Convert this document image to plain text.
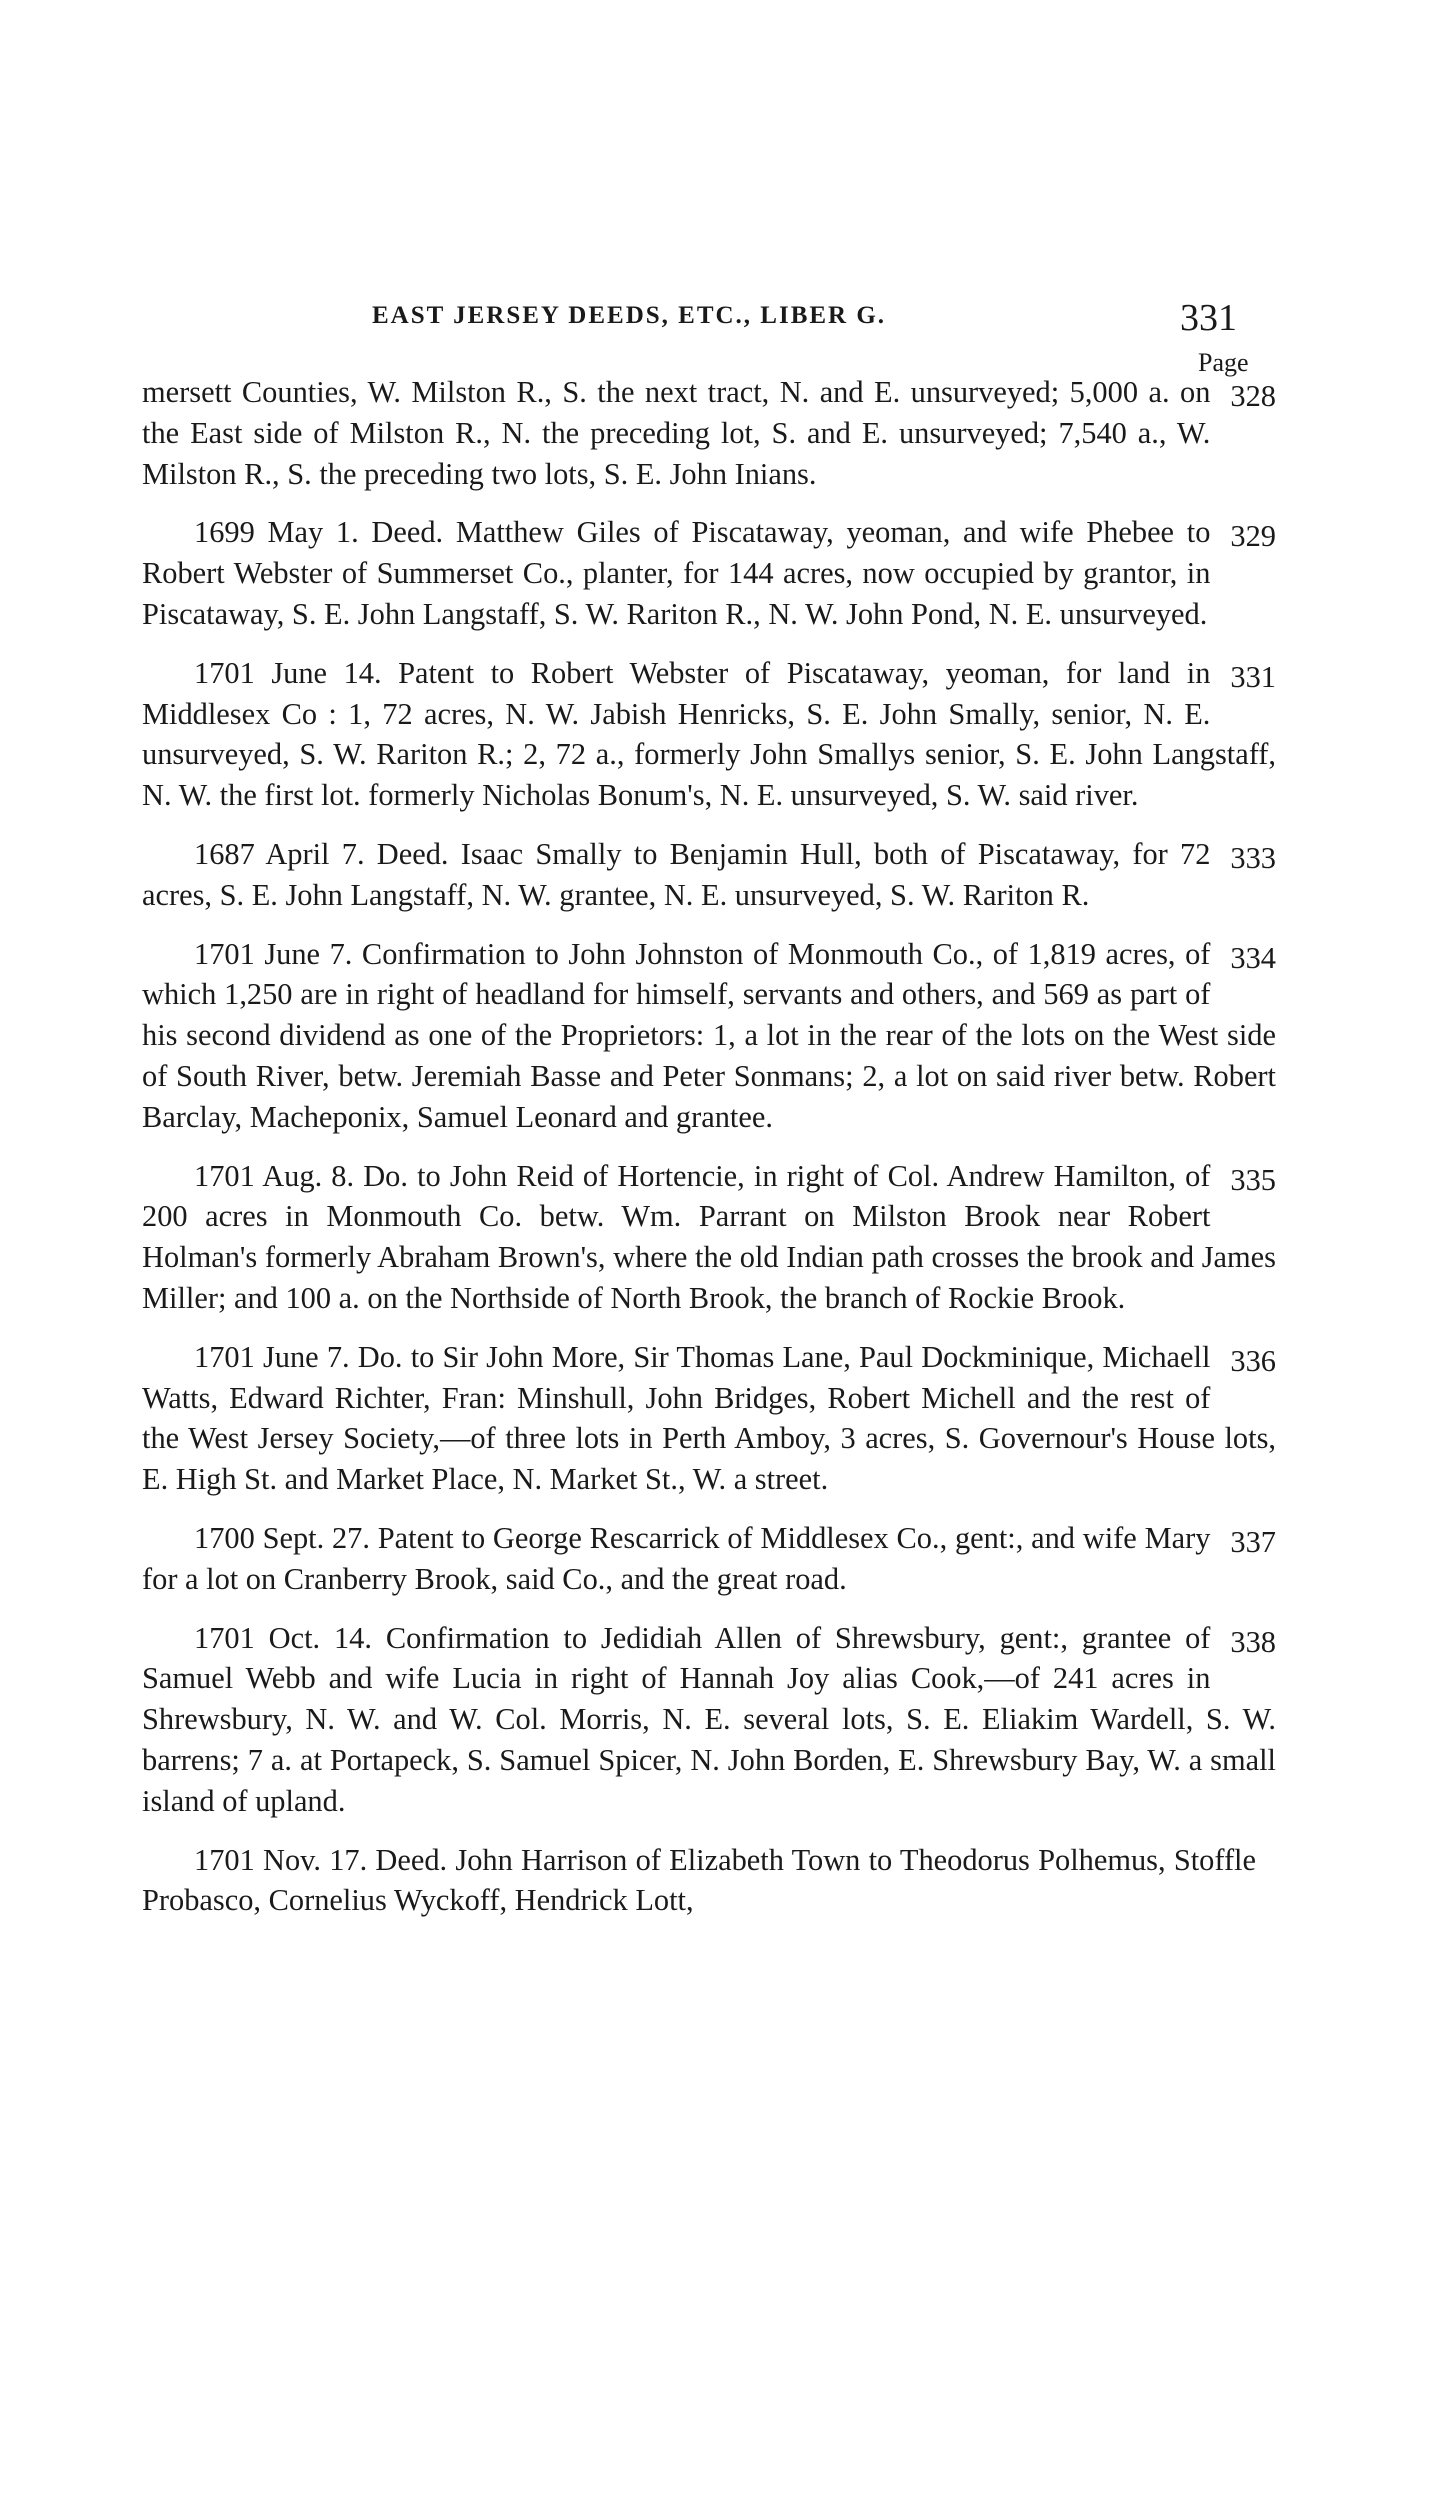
EAST JERSEY DEEDS, ETC., LIBER G.	331
Page
328
mersett Counties, W. Milston R., S. the next tract, N. and E. unsurveyed; 5,000 a. on the East side of Milston R., N. the preceding lot, S. and E. unsurveyed; 7,540 a., W. Milston R., S. the preceding two lots, S. E. John Inians.
329
1699 May 1. Deed. Matthew Giles of Piscataway, yeoman, and wife Phebee to Robert Webster of Summerset Co., planter, for 144 acres, now occupied by grantor, in Piscataway, S. E. John Langstaff, S. W. Rariton R., N. W. John Pond, N. E. unsurveyed.
331
1701 June 14. Patent to Robert Webster of Piscataway, yeoman, for land in Middlesex Co : 1, 72 acres, N. W. Jabish Henricks, S. E. John Smally, senior, N. E. unsurveyed, S. W. Rariton R.; 2, 72 a., formerly John Smallys senior, S. E. John Langstaff, N. W. the first lot. formerly Nicholas Bonum's, N. E. unsurveyed, S. W. said river.
333
1687 April 7. Deed. Isaac Smally to Benjamin Hull, both of Piscataway, for 72 acres, S. E. John Langstaff, N. W. grantee, N. E. unsurveyed, S. W. Rariton R.
334
1701 June 7. Confirmation to John Johnston of Monmouth Co., of 1,819 acres, of which 1,250 are in right of headland for himself, servants and others, and 569 as part of his second dividend as one of the Proprietors: 1, a lot in the rear of the lots on the West side of South River, betw. Jeremiah Basse and Peter Sonmans; 2, a lot on said river betw. Robert Barclay, Macheponix, Samuel Leonard and grantee.
335
1701 Aug. 8. Do. to John Reid of Hortencie, in right of Col. Andrew Hamilton, of 200 acres in Monmouth Co. betw. Wm. Parrant on Milston Brook near Robert Holman's formerly Abraham Brown's, where the old Indian path crosses the brook and James Miller; and 100 a. on the Northside of North Brook, the branch of Rockie Brook.
336
1701 June 7. Do. to Sir John More, Sir Thomas Lane, Paul Dockminique, Michaell Watts, Edward Richter, Fran: Minshull, John Bridges, Robert Michell and the rest of the West Jersey Society,—of three lots in Perth Amboy, 3 acres, S. Governour's House lots, E. High St. and Market Place, N. Market St., W. a street.
337
1700 Sept. 27. Patent to George Rescarrick of Middlesex Co., gent:, and wife Mary for a lot on Cranberry Brook, said Co., and the great road.
338
1701 Oct. 14. Confirmation to Jedidiah Allen of Shrewsbury, gent:, grantee of Samuel Webb and wife Lucia in right of Hannah Joy alias Cook,—of 241 acres in Shrewsbury, N. W. and W. Col. Morris, N. E. several lots, S. E. Eliakim Wardell, S. W. barrens; 7 a. at Portapeck, S. Samuel Spicer, N. John Borden, E. Shrewsbury Bay, W. a small island of upland.
1701 Nov. 17. Deed. John Harrison of Elizabeth Town to Theodorus Polhemus, Stoffle Probasco, Cornelius Wyckoff, Hendrick Lott,
